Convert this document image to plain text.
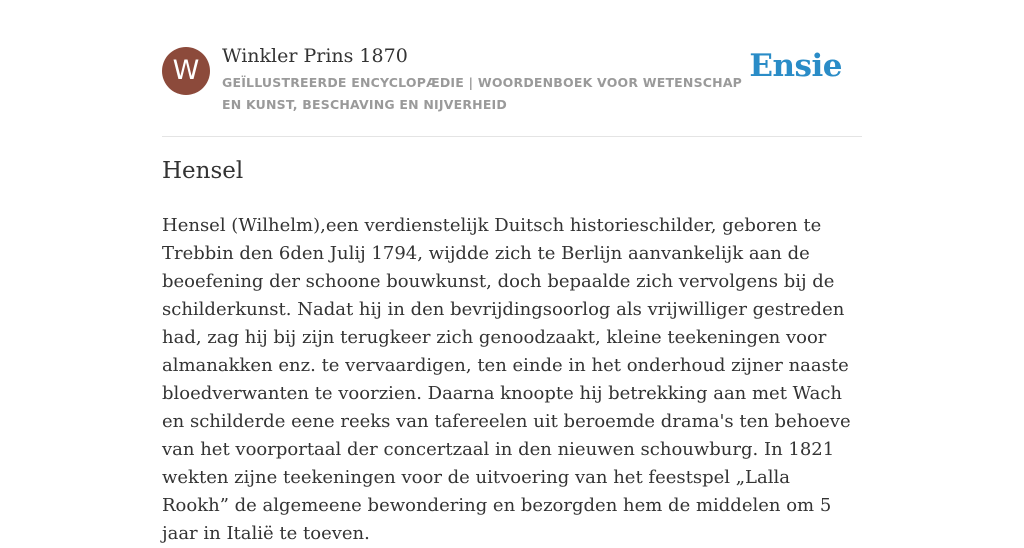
W	Winkler Prins 1870
GEÏLLUSTREERDE ENCYCLOPÆDIE | WOORDENBOEK VOOR WETENSCHAP EN KUNST, BESCHAVING EN NIJVERHEID
Ensie
Hensel

Hensel (Wilhelm),een verdienstelijk Duitsch historieschilder, geboren te Trebbin den 6den Julij 1794, wijdde zich te Berlijn aanvankelijk aan de beoefening der schoone bouwkunst, doch bepaalde zich vervolgens bij de schilderkunst. Nadat hij in den bevrijdingsoorlog als vrijwilliger gestreden had, zag hij bij zijn terugkeer zich genoodzaakt, kleine teekeningen voor almanakken enz. te vervaardigen, ten einde in het onderhoud zijner naaste bloedverwanten te voorzien. Daarna knoopte hij betrekking aan met Wach en schilderde eene reeks van tafereelen uit beroemde drama's ten behoeve van het voorportaal der concertzaal in den nieuwen schouwburg. In 1821 wekten zijne teekeningen voor de uitvoering van het feestspel „Lalla Rookh” de algemeene bewondering en bezorgden hem de middelen om 5 jaar in Italië te toeven.
